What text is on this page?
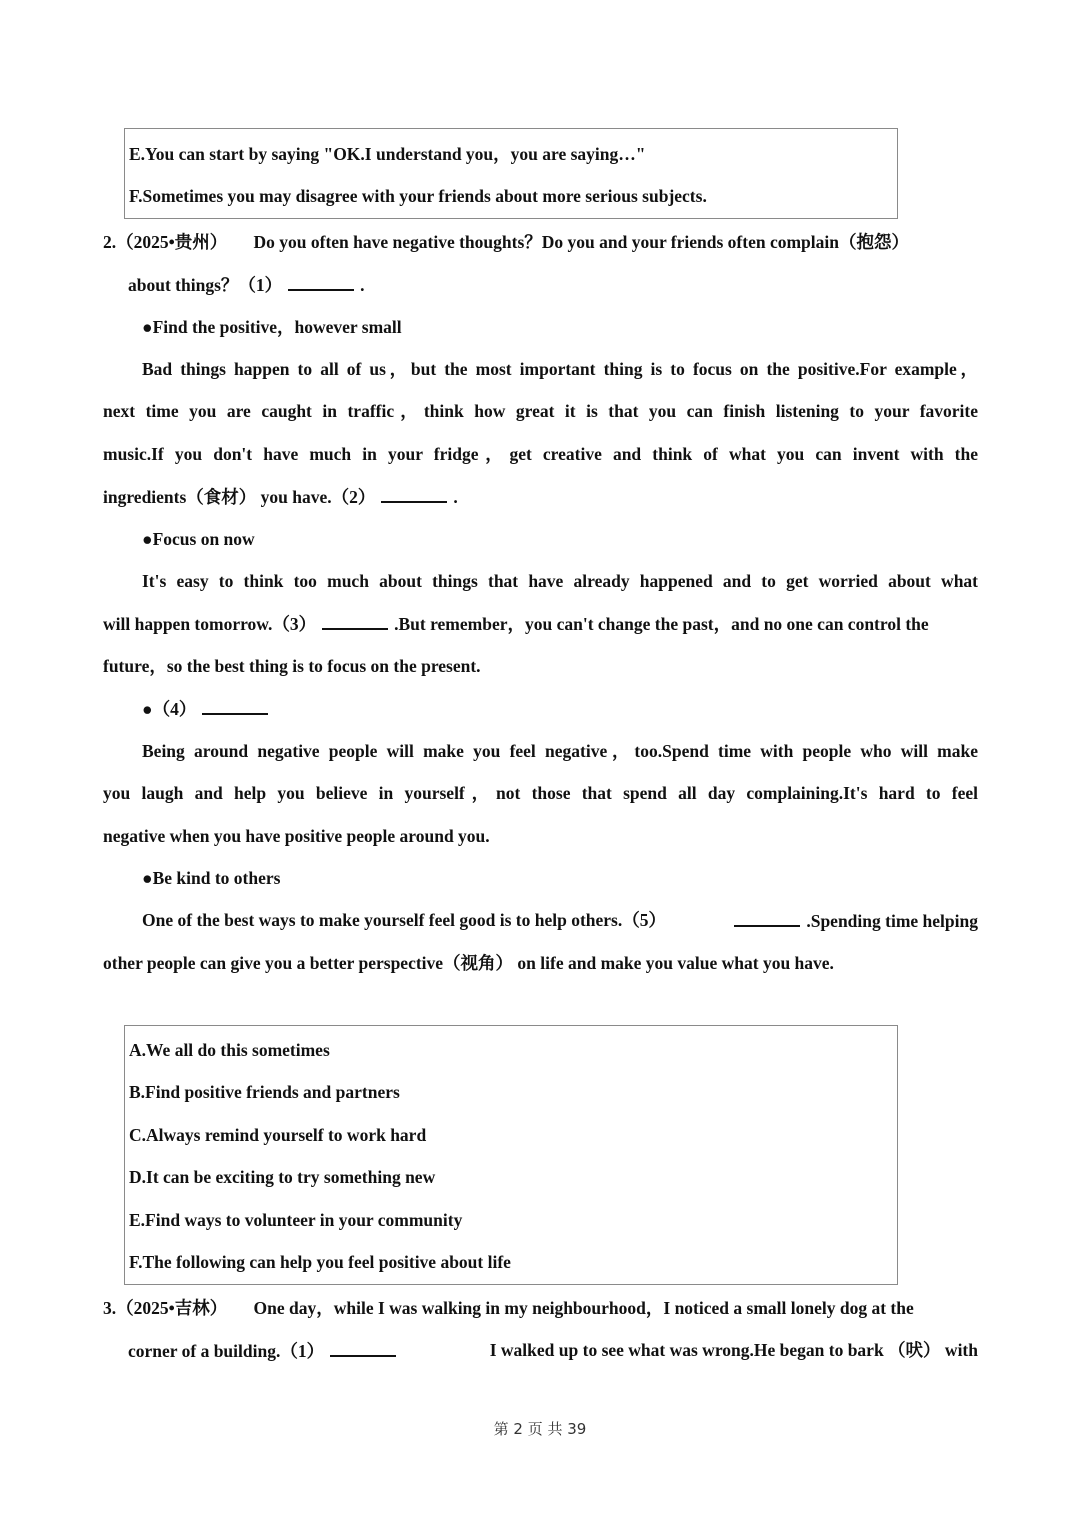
E.You can start by saying "OK.I understand you，you are saying…"
F.Sometimes you may disagree with your friends about more serious subjects.
2.（2025•贵州）　　Do you often have negative thoughts？Do you and your friends often complain（抱怨）
about things？（1）	.
●Find the positive，however small
Bad things happen to all of us，but the most important thing is to focus on the positive.For example，
next time you are caught in traffic，think how great it is that you can finish listening to your favorite
music.If you don't have much in your fridge，get creative and think of what you can invent with the
ingredients（食材） you have.（2）	.
●Focus on now
It's easy to think too much about things that have already happened and to get worried about what
will happen tomorrow.（3）	.But remember，you can't change the past，and no one can control the
future，so the best thing is to focus on the present.
●（4）
Being around negative people will make you feel negative，too.Spend time with people who will make
you laugh and help you believe in yourself，not those that spend all day complaining.It's hard to feel
negative when you have positive people around you.
●Be kind to others
One of the best ways to make yourself feel good is to help others.（5）	.Spending time helping
other people can give you a better perspective（视角） on life and make you value what you have.
A.We all do this sometimes
B.Find positive friends and partners
C.Always remind yourself to work hard
D.It can be exciting to try something new
E.Find ways to volunteer in your community
F.The following can help you feel positive about life
3.（2025•吉林）　　One day，while I was walking in my neighbourhood，I noticed a small lonely dog at the
corner of a building.（1）	I walked up to see what was wrong.He began to bark （吠） with
第 2 页 共 39
